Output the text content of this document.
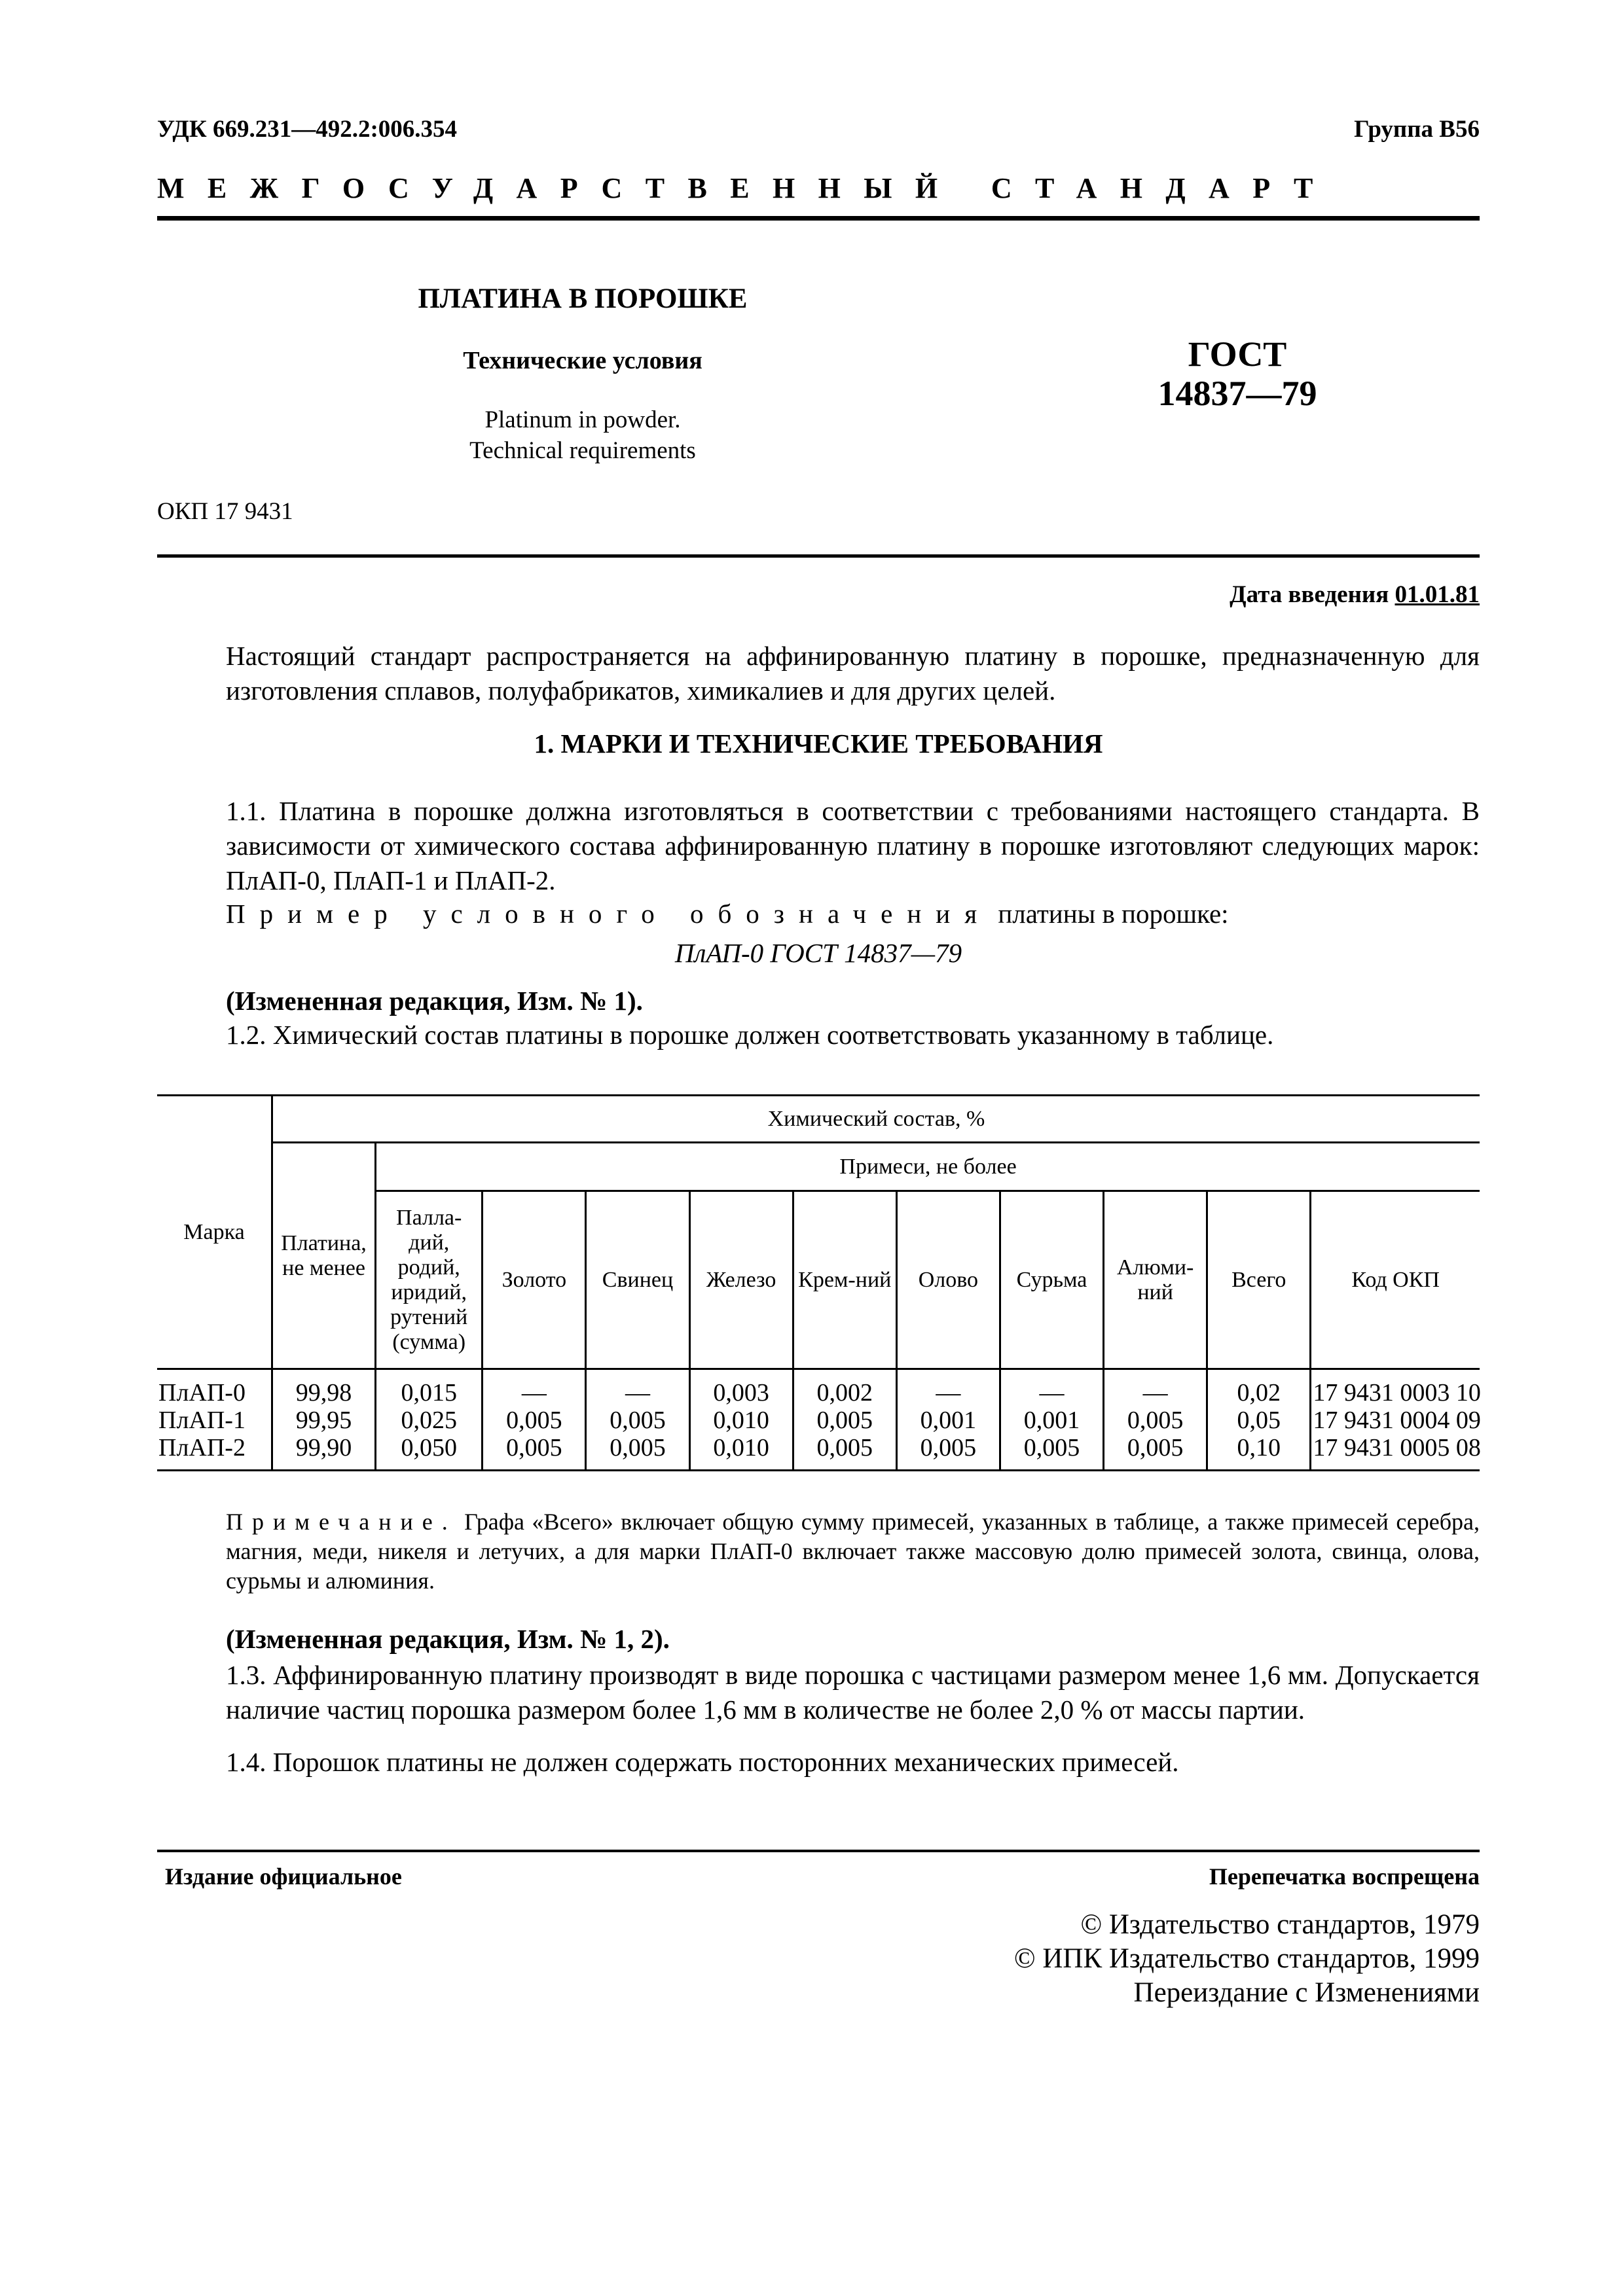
УДК 669.231—492.2:006.354	Группа В56
МЕЖГОСУДАРСТВЕННЫЙ СТАНДАРТ
ПЛАТИНА В ПОРОШКЕ
Технические условия
Platinum in powder.
Technical requirements
ГОСТ
14837—79
ОКП 17 9431
Дата введения 01.01.81
Настоящий стандарт распространяется на аффинированную платину в порошке, предназначенную для изготовления сплавов, полуфабрикатов, химикалиев и для других целей.
1. МАРКИ И ТЕХНИЧЕСКИЕ ТРЕБОВАНИЯ
1.1. Платина в порошке должна изготовляться в соответствии с требованиями настоящего стандарта. В зависимости от химического состава аффинированную платину в порошке изготовляют следующих марок: ПлАП-0, ПлАП-1 и ПлАП-2.
Пример условного обозначения платины в порошке:
ПлАП-0 ГОСТ 14837—79
(Измененная редакция, Изм. № 1).
1.2. Химический состав платины в порошке должен соответствовать указанному в таблице.
Марка	Химический состав, %										
	Платина, не менее	Примеси, не более									
		Палла-дий, родий, иридий, рутений (сумма)	Золото	Свинец	Железо	Крем-ний	Олово	Сурьма	Алюми-ний	Всего	Код ОКП
ПлАП-0	99,98	0,015	—	—	0,003	0,002	—	—	—	0,02	17 9431 0003 10
ПлАП-1	99,95	0,025	0,005	0,005	0,010	0,005	0,001	0,001	0,005	0,05	17 9431 0004 09
ПлАП-2	99,90	0,050	0,005	0,005	0,010	0,005	0,005	0,005	0,005	0,10	17 9431 0005 08
Примечание. Графа «Всего» включает общую сумму примесей, указанных в таблице, а также примесей серебра, магния, меди, никеля и летучих, а для марки ПлАП-0 включает также массовую долю примесей золота, свинца, олова, сурьмы и алюминия.
(Измененная редакция, Изм. № 1, 2).
1.3. Аффинированную платину производят в виде порошка с частицами размером менее 1,6 мм. Допускается наличие частиц порошка размером более 1,6 мм в количестве не более 2,0 % от массы партии.
1.4. Порошок платины не должен содержать посторонних механических примесей.
Издание официальное	Перепечатка воспрещена
© Издательство стандартов, 1979
© ИПК Издательство стандартов, 1999
Переиздание с Изменениями
